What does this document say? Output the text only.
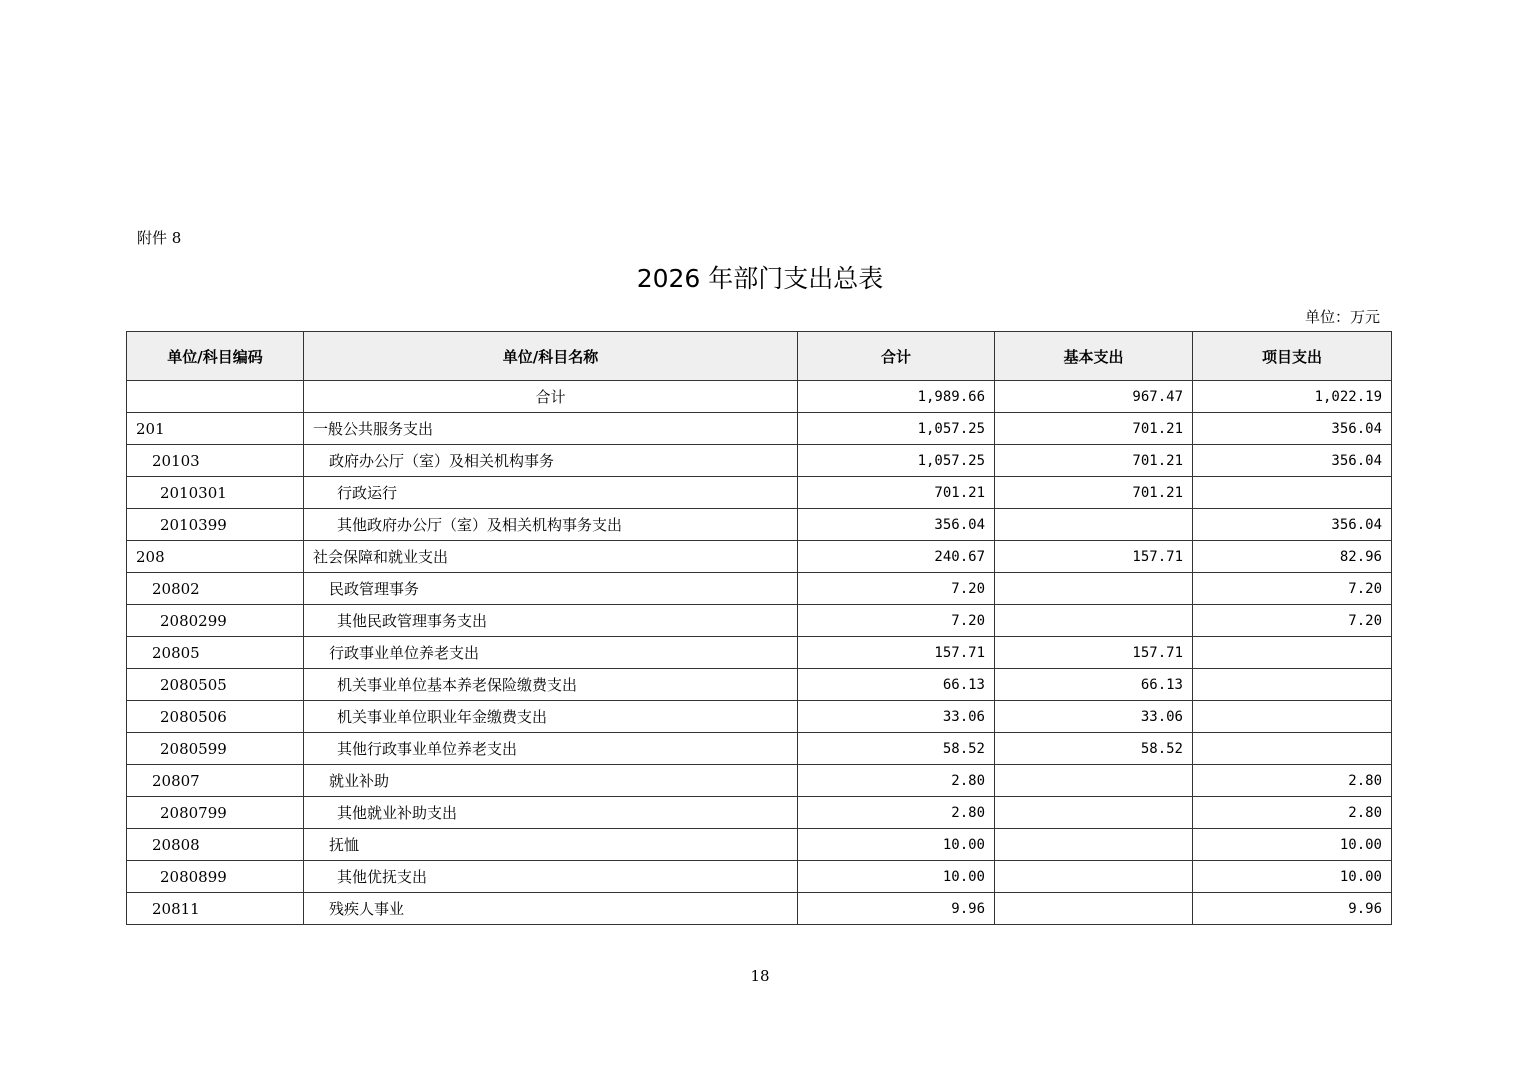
附件 8
2026 年部门支出总表
单位：万元
单位/科目编码	单位/科目名称	合计	基本支出	项目支出
	合计	1,989.66	967.47	1,022.19
201	一般公共服务支出	1,057.25	701.21	356.04
20103	政府办公厅（室）及相关机构事务	1,057.25	701.21	356.04
2010301	行政运行	701.21	701.21	
2010399	其他政府办公厅（室）及相关机构事务支出	356.04		356.04
208	社会保障和就业支出	240.67	157.71	82.96
20802	民政管理事务	7.20		7.20
2080299	其他民政管理事务支出	7.20		7.20
20805	行政事业单位养老支出	157.71	157.71	
2080505	机关事业单位基本养老保险缴费支出	66.13	66.13	
2080506	机关事业单位职业年金缴费支出	33.06	33.06	
2080599	其他行政事业单位养老支出	58.52	58.52	
20807	就业补助	2.80		2.80
2080799	其他就业补助支出	2.80		2.80
20808	抚恤	10.00		10.00
2080899	其他优抚支出	10.00		10.00
20811	残疾人事业	9.96		9.96
18
